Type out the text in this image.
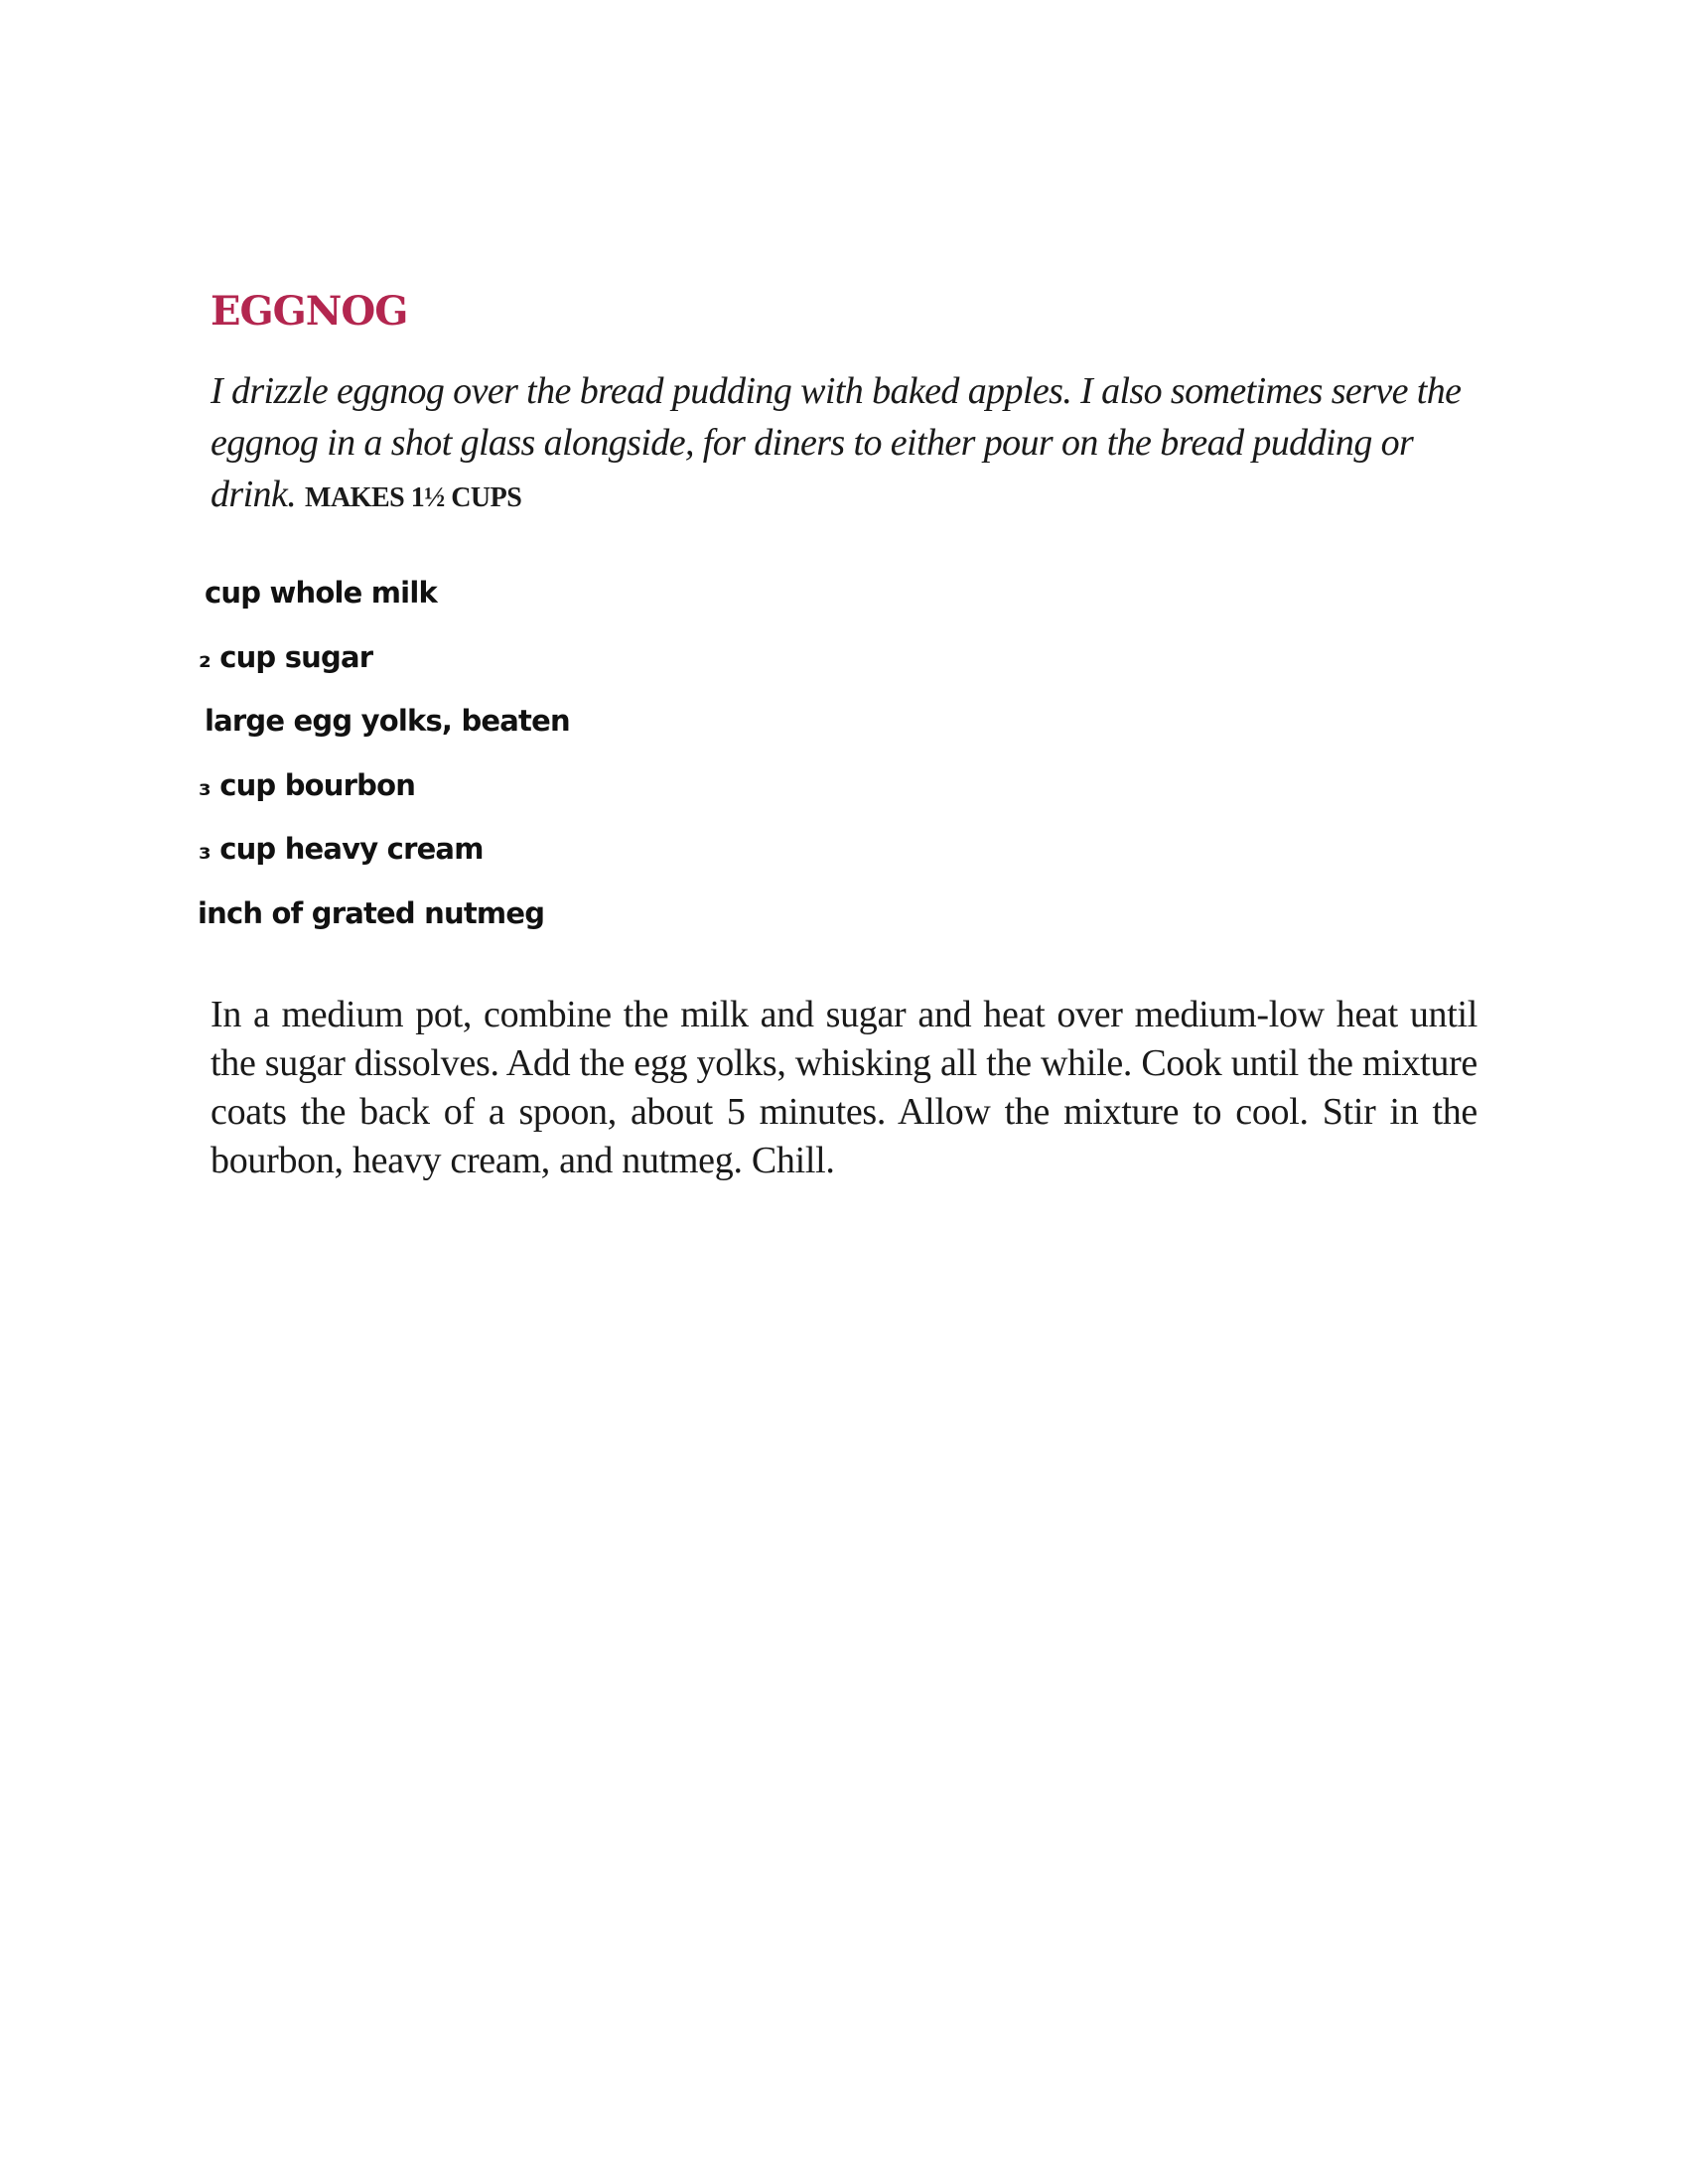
EGGNOG

I drizzle eggnog over the bread pudding with baked apples. I also sometimes serve the eggnog in a shot glass alongside, for diners to either pour on the bread pudding or drink. MAKES 1½ CUPS

cup whole milk
₂ cup sugar
large egg yolks, beaten
₃ cup bourbon
₃ cup heavy cream
inch of grated nutmeg

In a medium pot, combine the milk and sugar and heat over medium-low heat until the sugar dissolves. Add the egg yolks, whisking all the while. Cook until the mixture coats the back of a spoon, about 5 minutes. Allow the mixture to cool. Stir in the bourbon, heavy cream, and nutmeg. Chill.
